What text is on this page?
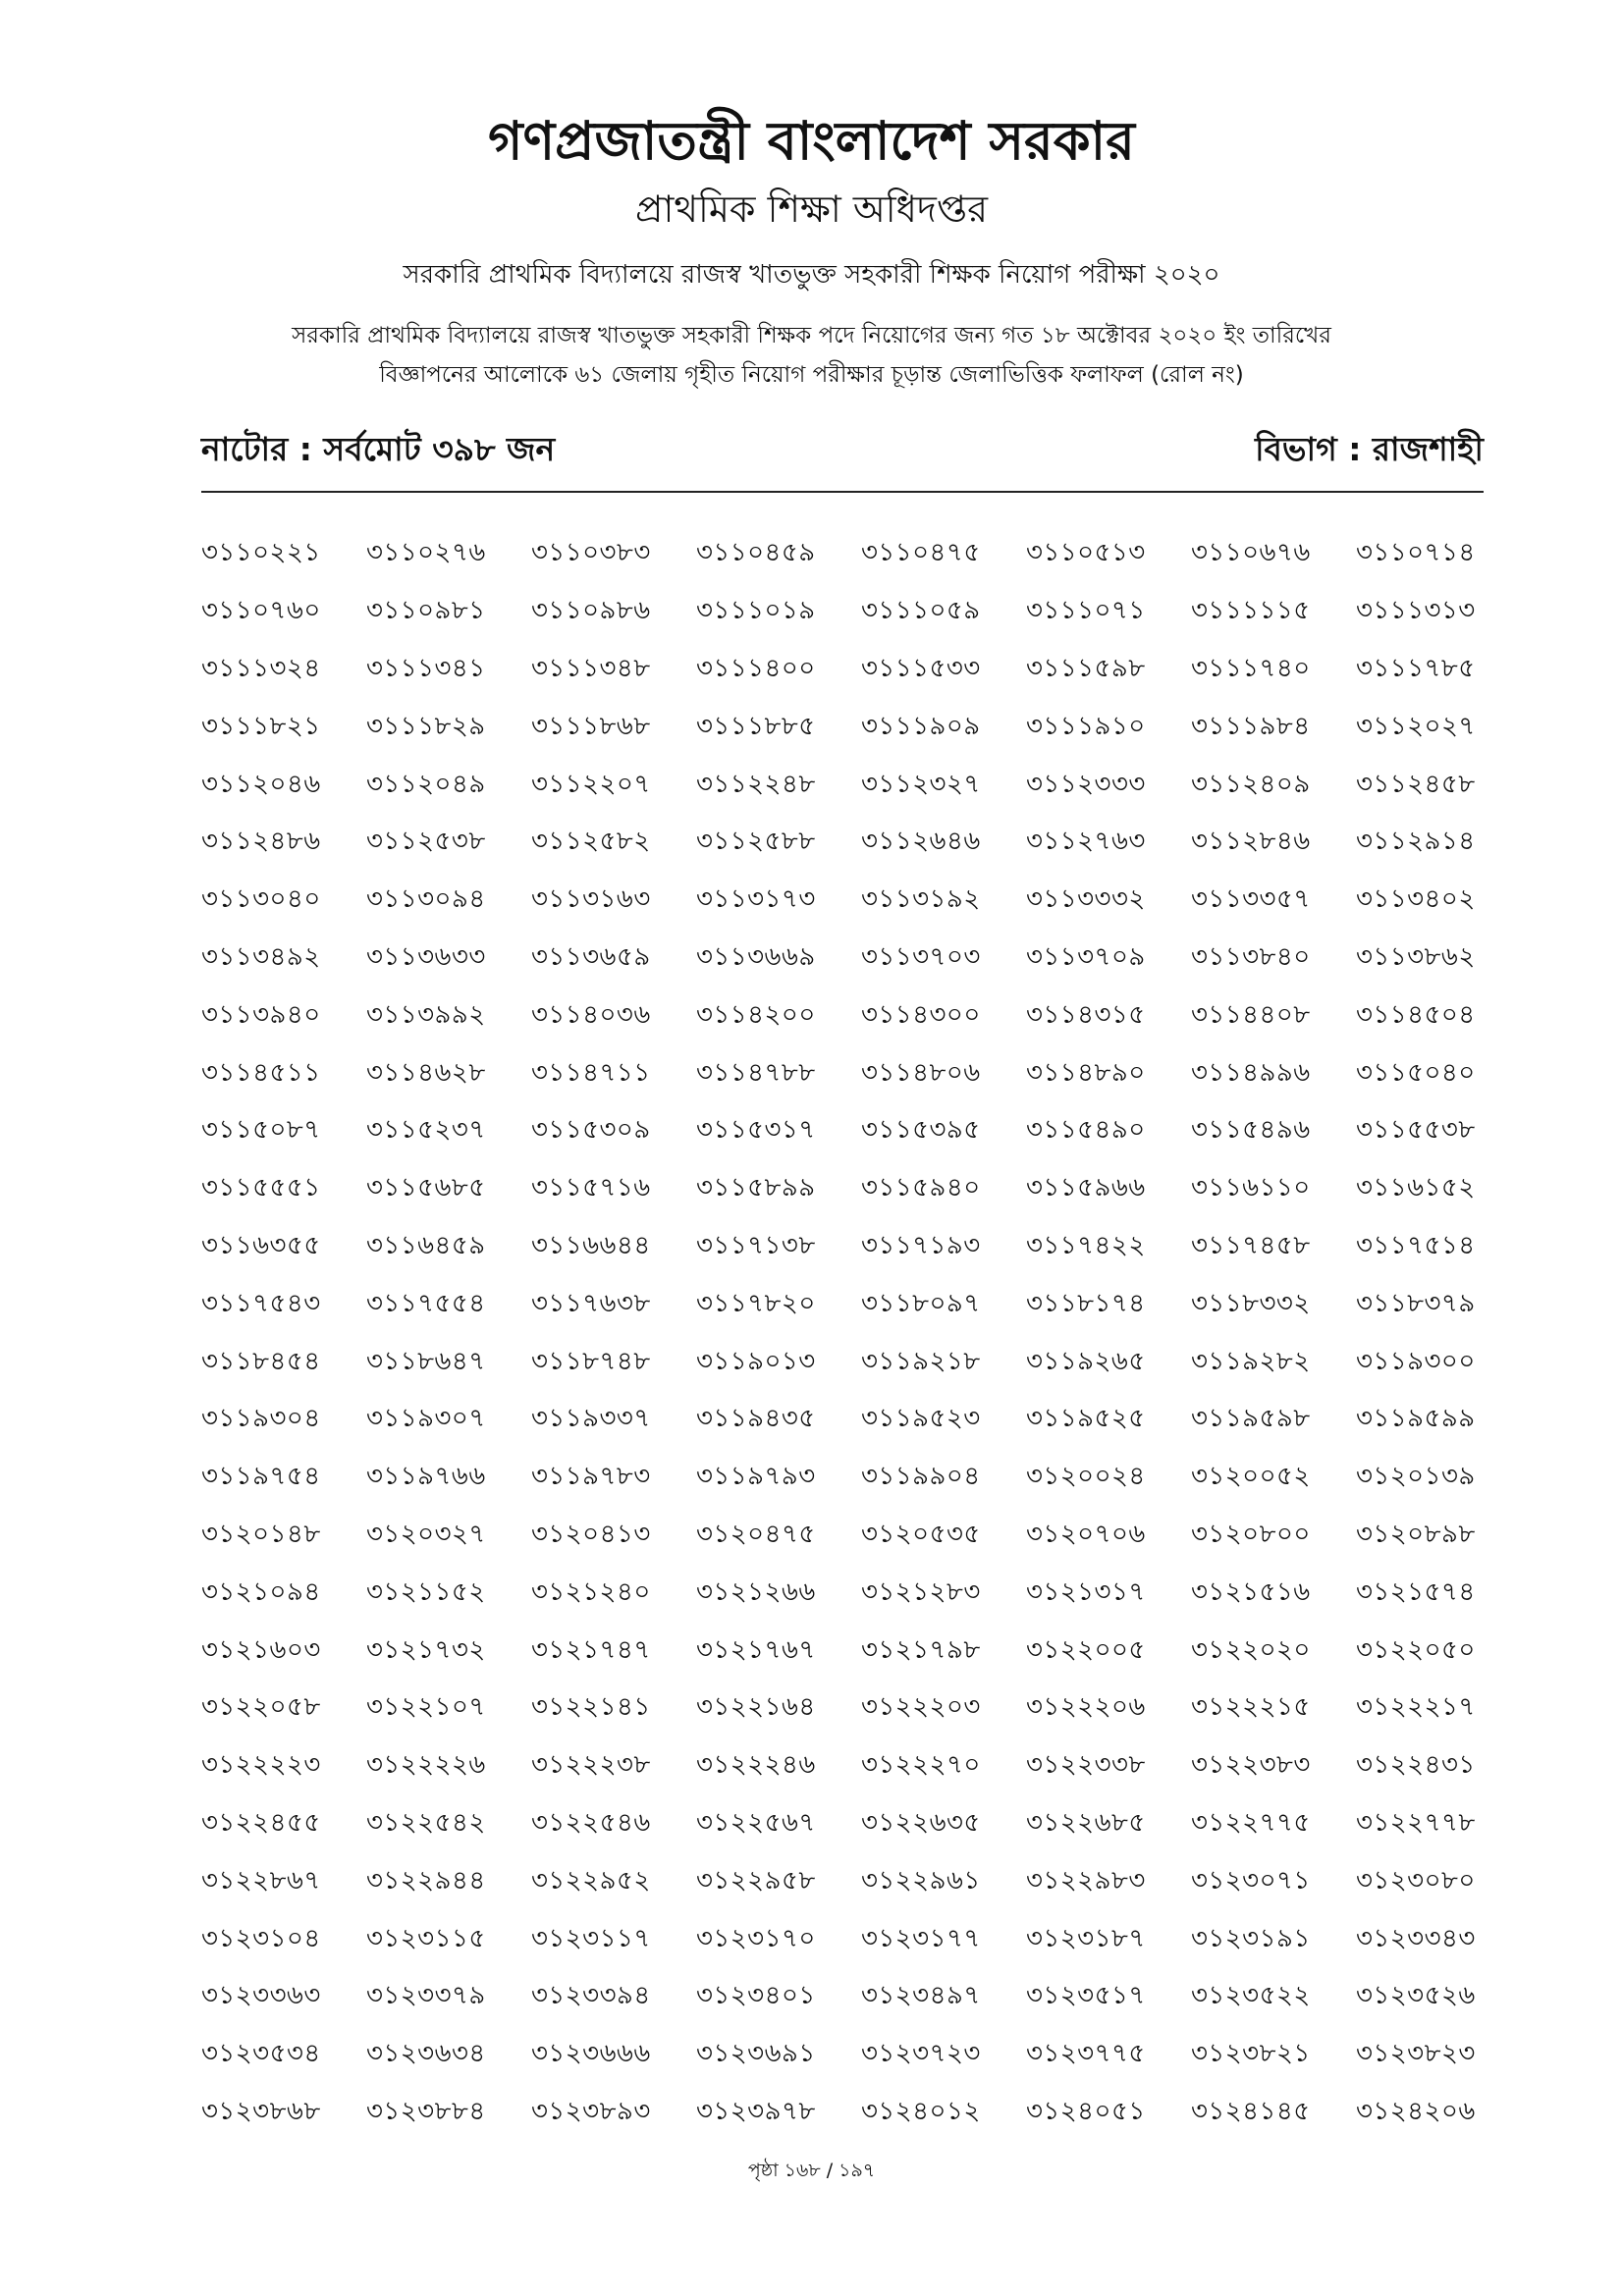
গণপ্রজাতন্ত্রী বাংলাদেশ সরকার
প্রাথমিক শিক্ষা অধিদপ্তর
সরকারি প্রাথমিক বিদ্যালয়ে রাজস্ব খাতভুক্ত সহকারী শিক্ষক নিয়োগ পরীক্ষা ২০২০
সরকারি প্রাথমিক বিদ্যালয়ে রাজস্ব খাতভুক্ত সহকারী শিক্ষক পদে নিয়োগের জন্য গত ১৮ অক্টোবর ২০২০ ইং তারিখের
বিজ্ঞাপনের আলোকে ৬১ জেলায় গৃহীত নিয়োগ পরীক্ষার চূড়ান্ত জেলাভিত্তিক ফলাফল (রোল নং)
নাটোর : সর্বমোট ৩৯৮ জন	বিভাগ : রাজশাহী
৩১১০২২১	৩১১০২৭৬	৩১১০৩৮৩	৩১১০৪৫৯	৩১১০৪৭৫	৩১১০৫১৩	৩১১০৬৭৬	৩১১০৭১৪
৩১১০৭৬০	৩১১০৯৮১	৩১১০৯৮৬	৩১১১০১৯	৩১১১০৫৯	৩১১১০৭১	৩১১১১১৫	৩১১১৩১৩
৩১১১৩২৪	৩১১১৩৪১	৩১১১৩৪৮	৩১১১৪০০	৩১১১৫৩৩	৩১১১৫৯৮	৩১১১৭৪০	৩১১১৭৮৫
৩১১১৮২১	৩১১১৮২৯	৩১১১৮৬৮	৩১১১৮৮৫	৩১১১৯০৯	৩১১১৯১০	৩১১১৯৮৪	৩১১২০২৭
৩১১২০৪৬	৩১১২০৪৯	৩১১২২০৭	৩১১২২৪৮	৩১১২৩২৭	৩১১২৩৩৩	৩১১২৪০৯	৩১১২৪৫৮
৩১১২৪৮৬	৩১১২৫৩৮	৩১১২৫৮২	৩১১২৫৮৮	৩১১২৬৪৬	৩১১২৭৬৩	৩১১২৮৪৬	৩১১২৯১৪
৩১১৩০৪০	৩১১৩০৯৪	৩১১৩১৬৩	৩১১৩১৭৩	৩১১৩১৯২	৩১১৩৩৩২	৩১১৩৩৫৭	৩১১৩৪০২
৩১১৩৪৯২	৩১১৩৬৩৩	৩১১৩৬৫৯	৩১১৩৬৬৯	৩১১৩৭০৩	৩১১৩৭০৯	৩১১৩৮৪০	৩১১৩৮৬২
৩১১৩৯৪০	৩১১৩৯৯২	৩১১৪০৩৬	৩১১৪২০০	৩১১৪৩০০	৩১১৪৩১৫	৩১১৪৪০৮	৩১১৪৫০৪
৩১১৪৫১১	৩১১৪৬২৮	৩১১৪৭১১	৩১১৪৭৮৮	৩১১৪৮০৬	৩১১৪৮৯০	৩১১৪৯৯৬	৩১১৫০৪০
৩১১৫০৮৭	৩১১৫২৩৭	৩১১৫৩০৯	৩১১৫৩১৭	৩১১৫৩৯৫	৩১১৫৪৯০	৩১১৫৪৯৬	৩১১৫৫৩৮
৩১১৫৫৫১	৩১১৫৬৮৫	৩১১৫৭১৬	৩১১৫৮৯৯	৩১১৫৯৪০	৩১১৫৯৬৬	৩১১৬১১০	৩১১৬১৫২
৩১১৬৩৫৫	৩১১৬৪৫৯	৩১১৬৬৪৪	৩১১৭১৩৮	৩১১৭১৯৩	৩১১৭৪২২	৩১১৭৪৫৮	৩১১৭৫১৪
৩১১৭৫৪৩	৩১১৭৫৫৪	৩১১৭৬৩৮	৩১১৭৮২০	৩১১৮০৯৭	৩১১৮১৭৪	৩১১৮৩৩২	৩১১৮৩৭৯
৩১১৮৪৫৪	৩১১৮৬৪৭	৩১১৮৭৪৮	৩১১৯০১৩	৩১১৯২১৮	৩১১৯২৬৫	৩১১৯২৮২	৩১১৯৩০০
৩১১৯৩০৪	৩১১৯৩০৭	৩১১৯৩৩৭	৩১১৯৪৩৫	৩১১৯৫২৩	৩১১৯৫২৫	৩১১৯৫৯৮	৩১১৯৫৯৯
৩১১৯৭৫৪	৩১১৯৭৬৬	৩১১৯৭৮৩	৩১১৯৭৯৩	৩১১৯৯০৪	৩১২০০২৪	৩১২০০৫২	৩১২০১৩৯
৩১২০১৪৮	৩১২০৩২৭	৩১২০৪১৩	৩১২০৪৭৫	৩১২০৫৩৫	৩১২০৭০৬	৩১২০৮০০	৩১২০৮৯৮
৩১২১০৯৪	৩১২১১৫২	৩১২১২৪০	৩১২১২৬৬	৩১২১২৮৩	৩১২১৩১৭	৩১২১৫১৬	৩১২১৫৭৪
৩১২১৬০৩	৩১২১৭৩২	৩১২১৭৪৭	৩১২১৭৬৭	৩১২১৭৯৮	৩১২২০০৫	৩১২২০২০	৩১২২০৫০
৩১২২০৫৮	৩১২২১০৭	৩১২২১৪১	৩১২২১৬৪	৩১২২২০৩	৩১২২২০৬	৩১২২২১৫	৩১২২২১৭
৩১২২২২৩	৩১২২২২৬	৩১২২২৩৮	৩১২২২৪৬	৩১২২২৭০	৩১২২৩৩৮	৩১২২৩৮৩	৩১২২৪৩১
৩১২২৪৫৫	৩১২২৫৪২	৩১২২৫৪৬	৩১২২৫৬৭	৩১২২৬৩৫	৩১২২৬৮৫	৩১২২৭৭৫	৩১২২৭৭৮
৩১২২৮৬৭	৩১২২৯৪৪	৩১২২৯৫২	৩১২২৯৫৮	৩১২২৯৬১	৩১২২৯৮৩	৩১২৩০৭১	৩১২৩০৮০
৩১২৩১০৪	৩১২৩১১৫	৩১২৩১১৭	৩১২৩১৭০	৩১২৩১৭৭	৩১২৩১৮৭	৩১২৩১৯১	৩১২৩৩৪৩
৩১২৩৩৬৩	৩১২৩৩৭৯	৩১২৩৩৯৪	৩১২৩৪০১	৩১২৩৪৯৭	৩১২৩৫১৭	৩১২৩৫২২	৩১২৩৫২৬
৩১২৩৫৩৪	৩১২৩৬৩৪	৩১২৩৬৬৬	৩১২৩৬৯১	৩১২৩৭২৩	৩১২৩৭৭৫	৩১২৩৮২১	৩১২৩৮২৩
৩১২৩৮৬৮	৩১২৩৮৮৪	৩১২৩৮৯৩	৩১২৩৯৭৮	৩১২৪০১২	৩১২৪০৫১	৩১২৪১৪৫	৩১২৪২০৬
পৃষ্ঠা ১৬৮ / ১৯৭
